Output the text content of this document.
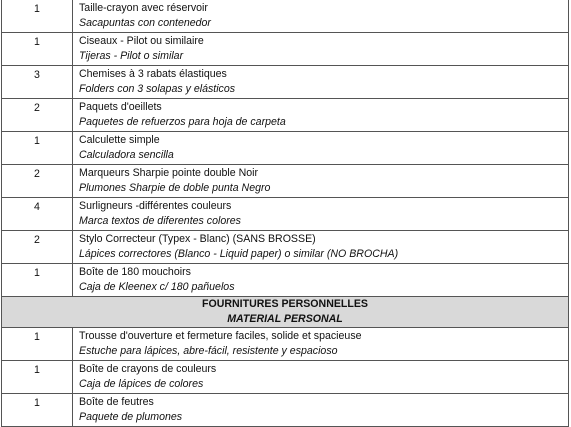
1	Taille-crayon avec réservoir
Sacapuntas con contenedor

1	Ciseaux - Pilot ou similaire
Tijeras - Pilot o similar

3	Chemises à 3 rabats élastiques
Folders con 3 solapas y elásticos

2	Paquets d'oeillets
Paquetes de refuerzos para hoja de carpeta

1	Calculette simple
Calculadora sencilla

2	Marqueurs Sharpie pointe double Noir
Plumones Sharpie de doble punta Negro

4	Surligneurs -différentes couleurs
Marca textos de diferentes colores

2	Stylo Correcteur (Typex - Blanc) (SANS BROSSE)
Lápices correctores (Blanco - Liquid paper) o similar (NO BROCHA)

1	Boîte de 180 mouchoirs
Caja de Kleenex c/ 180 pañuelos

FOURNITURES PERSONNELLES
MATERIAL PERSONAL	

1	Trousse d'ouverture et fermeture faciles, solide et spacieuse
Estuche para lápices, abre-fácil, resistente y espacioso

1	Boîte de crayons de couleurs
Caja de lápices de colores

1	Boîte de feutres
Paquete de plumones
